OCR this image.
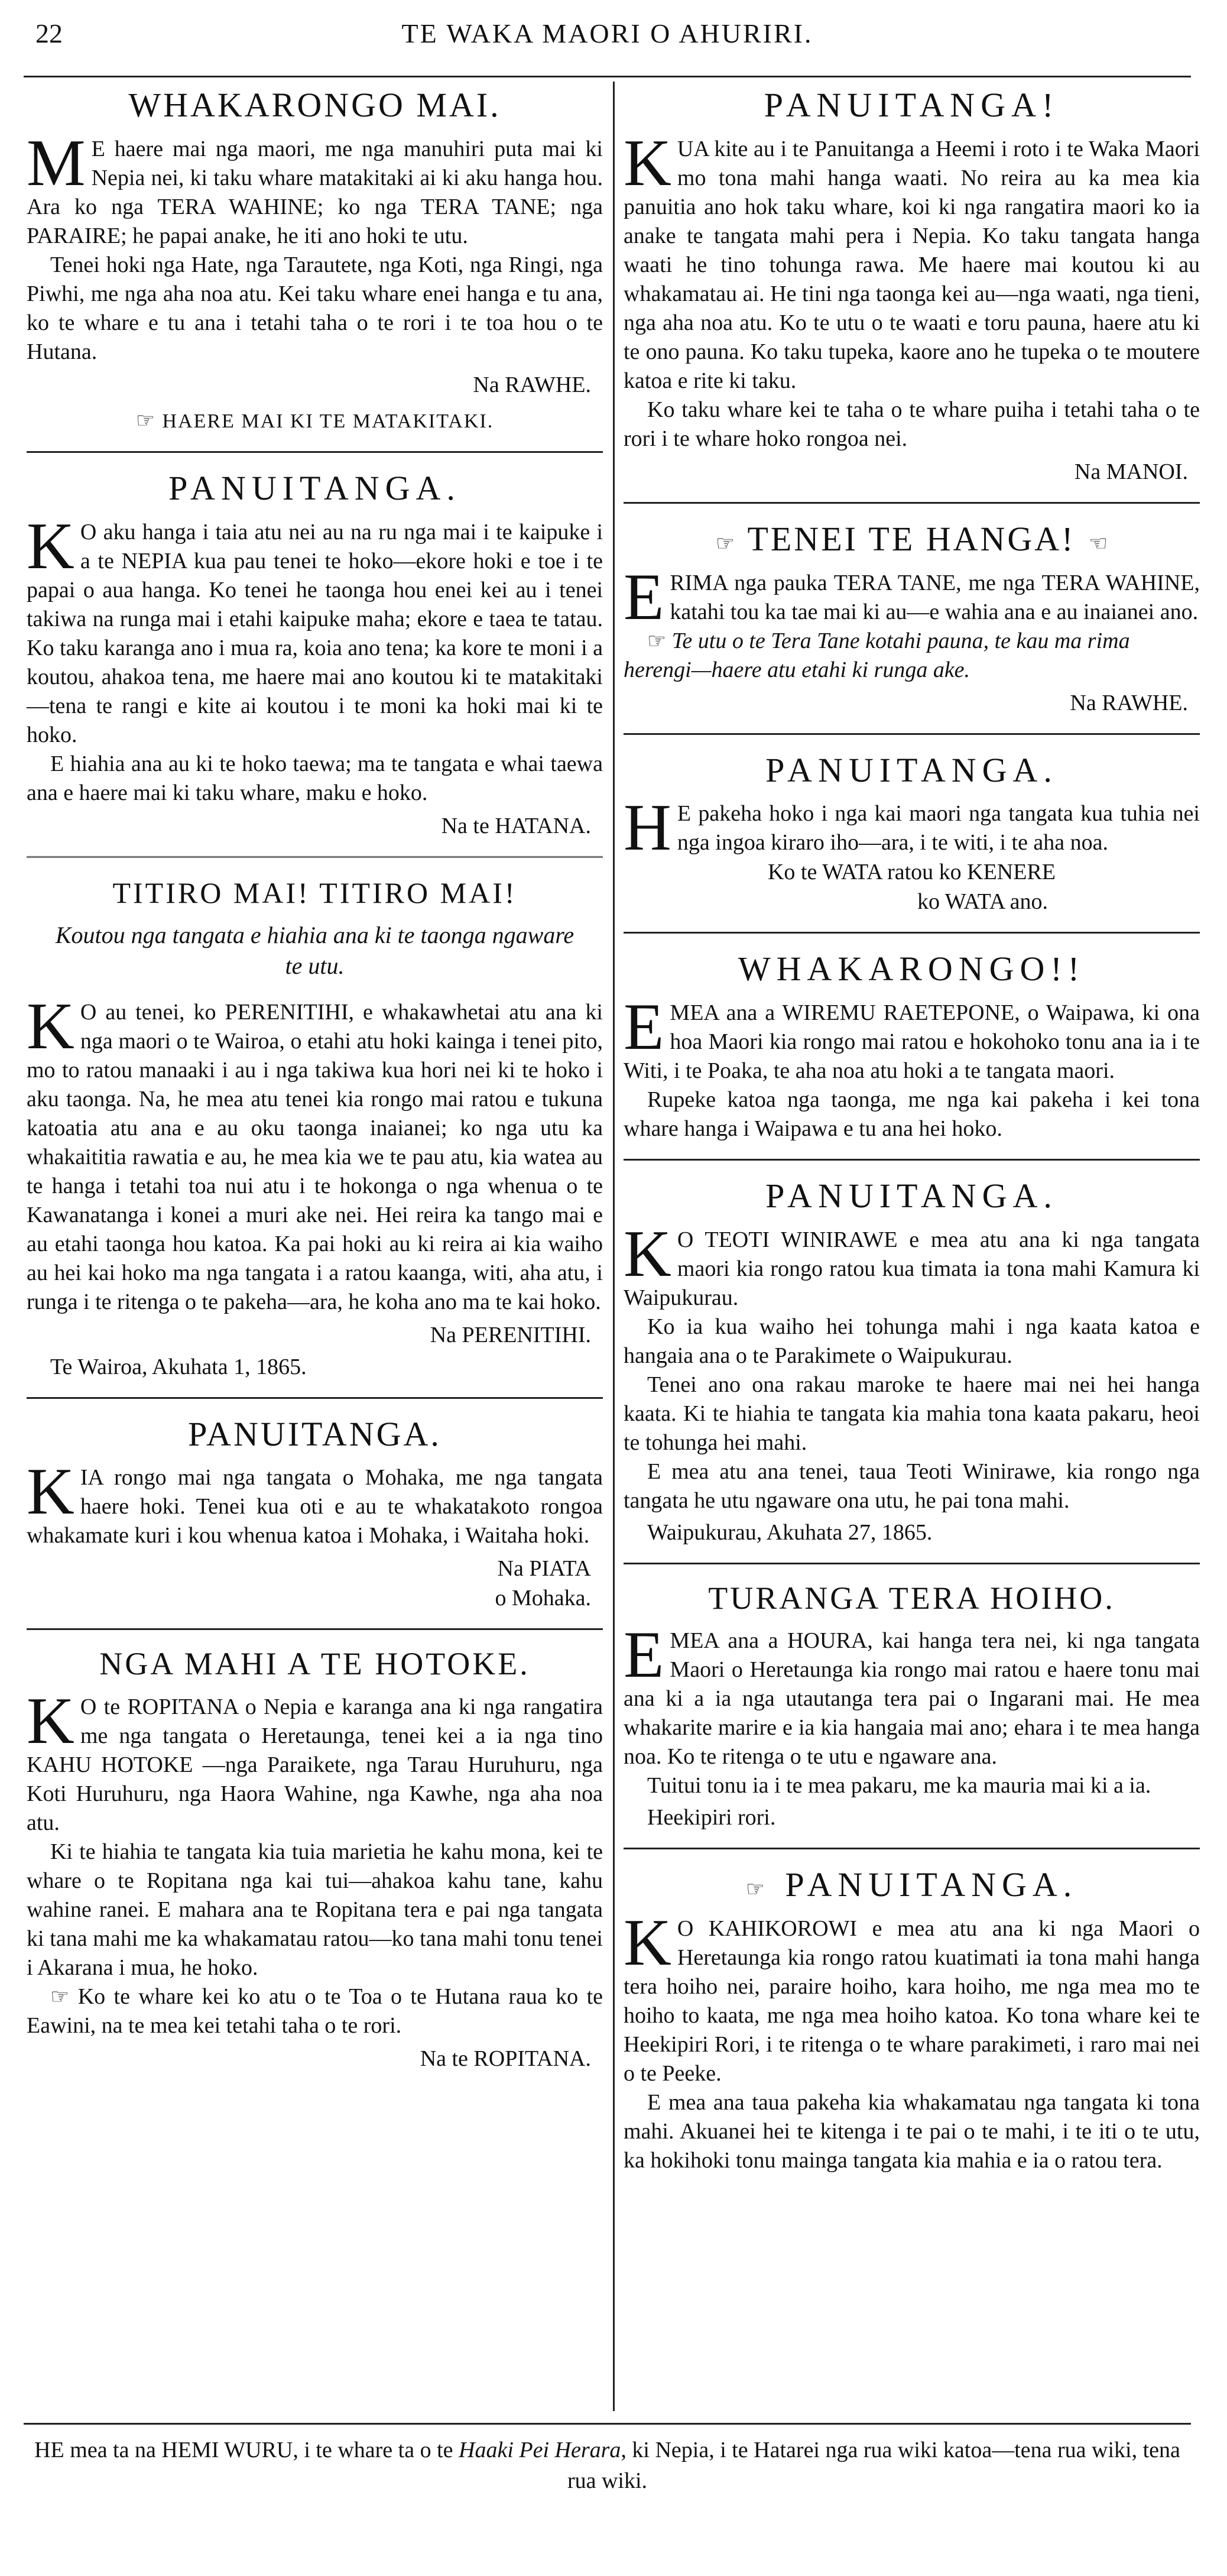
22	TE WAKA MAORI O AHURIRI.
WHAKARONGO MAI.

ME haere mai nga maori, me nga manuhiri puta mai ki Nepia nei, ki taku whare matakitaki ai ki aku hanga hou. Ara ko nga TERA WAHINE; ko nga TERA TANE; nga PARAIRE; he papai anake, he iti ano hoki te utu.

Tenei hoki nga Hate, nga Tarautete, nga Koti, nga Ringi, nga Piwhi, me nga aha noa atu. Kei taku whare enei hanga e tu ana, ko te whare e tu ana i tetahi taha o te rori i te toa hou o te Hutana.

Na RAWHE.
☞ HAERE MAI KI TE MATAKITAKI.
PANUITANGA.

KO aku hanga i taia atu nei au na ru nga mai i te kaipuke i a te NEPIA kua pau tenei te hoko—ekore hoki e toe i te papai o aua hanga. Ko tenei he taonga hou enei kei au i tenei takiwa na runga mai i etahi kaipuke maha; ekore e taea te tatau. Ko taku karanga ano i mua ra, koia ano tena; ka kore te moni i a koutou, ahakoa tena, me haere mai ano koutou ki te matakitaki—tena te rangi e kite ai koutou i te moni ka hoki mai ki te hoko.

E hiahia ana au ki te hoko taewa; ma te tangata e whai taewa ana e haere mai ki taku whare, maku e hoko.

Na te HATANA.
TITIRO MAI! TITIRO MAI!
Koutou nga tangata e hiahia ana ki te taonga ngaware te utu.

KO au tenei, ko PERENITIHI, e whakawhetai atu ana ki nga maori o te Wairoa, o etahi atu hoki kainga i tenei pito, mo to ratou manaaki i au i nga takiwa kua hori nei ki te hoko i aku taonga. Na, he mea atu tenei kia rongo mai ratou e tukuna katoatia atu ana e au oku taonga inaianei; ko nga utu ka whakaititia rawatia e au, he mea kia we te pau atu, kia watea au te hanga i tetahi toa nui atu i te hokonga o nga whenua o te Kawanatanga i konei a muri ake nei. Hei reira ka tango mai e au etahi taonga hou katoa. Ka pai hoki au ki reira ai kia waiho au hei kai hoko ma nga tangata i a ratou kaanga, witi, aha atu, i runga i te ritenga o te pakeha—ara, he koha ano ma te kai hoko.

Na PERENITIHI.

Te Wairoa, Akuhata 1, 1865.

PANUITANGA.

KIA rongo mai nga tangata o Mohaka, me nga tangata haere hoki. Tenei kua oti e au te whakatakoto rongoa whakamate kuri i kou whenua katoa i Mohaka, i Waitaha hoki.

Na PIATA
o Mohaka.
NGA MAHI A TE HOTOKE.

KO te ROPITANA o Nepia e karanga ana ki nga rangatira me nga tangata o Heretaunga, tenei kei a ia nga tino KAHU HOTOKE —nga Paraikete, nga Tarau Huruhuru, nga Koti Huruhuru, nga Haora Wahine, nga Kawhe, nga aha noa atu.

Ki te hiahia te tangata kia tuia marietia he kahu mona, kei te whare o te Ropitana nga kai tui—ahakoa kahu tane, kahu wahine ranei. E mahara ana te Ropitana tera e pai nga tangata ki tana mahi me ka whakamatau ratou—ko tana mahi tonu tenei i Akarana i mua, he hoko.

☞ Ko te whare kei ko atu o te Toa o te Hutana raua ko te Eawini, na te mea kei tetahi taha o te rori.

Na te ROPITANA.
PANUITANGA!

KUA kite au i te Panuitanga a Heemi i roto i te Waka Maori mo tona mahi hanga waati. No reira au ka mea kia panuitia ano hok taku whare, koi ki nga rangatira maori ko ia anake te tangata mahi pera i Nepia. Ko taku tangata hanga waati he tino tohunga rawa. Me haere mai koutou ki au whakamatau ai. He tini nga taonga kei au—nga waati, nga tieni, nga aha noa atu. Ko te utu o te waati e toru pauna, haere atu ki te ono pauna. Ko taku tupeka, kaore ano he tupeka o te moutere katoa e rite ki taku.

Ko taku whare kei te taha o te whare puiha i tetahi taha o te rori i te whare hoko rongoa nei.

Na MANOI.
☞ TENEI TE HANGA! ☞

ERIMA nga pauka TERA TANE, me nga TERA WAHINE, katahi tou ka tae mai ki au—e wahia ana e au inaianei ano.

☞ Te utu o te Tera Tane kotahi pauna, te kau ma rima herengi—haere atu etahi ki runga ake.

Na RAWHE.
PANUITANGA.

HE pakeha hoko i nga kai maori nga tangata kua tuhia nei nga ingoa kiraro iho—ara, i te witi, i te aha noa.

Ko te WATA ratou ko KENERE

ko WATA ano.

WHAKARONGO!!

EMEA ana a WIREMU RAETEPONE, o Waipawa, ki ona hoa Maori kia rongo mai ratou e hokohoko tonu ana ia i te Witi, i te Poaka, te aha noa atu hoki a te tangata maori.

Rupeke katoa nga taonga, me nga kai pakeha i kei tona whare hanga i Waipawa e tu ana hei hoko.

PANUITANGA.

KO TEOTI WINIRAWE e mea atu ana ki nga tangata maori kia rongo ratou kua timata ia tona mahi Kamura ki Waipukurau.

Ko ia kua waiho hei tohunga mahi i nga kaata katoa e hangaia ana o te Parakimete o Waipukurau.

Tenei ano ona rakau maroke te haere mai nei hei hanga kaata. Ki te hiahia te tangata kia mahia tona kaata pakaru, heoi te tohunga hei mahi.

E mea atu ana tenei, taua Teoti Winirawe, kia rongo nga tangata he utu ngaware ona utu, he pai tona mahi.

Waipukurau, Akuhata 27, 1865.

TURANGA TERA HOIHO.

EMEA ana a HOURA, kai hanga tera nei, ki nga tangata Maori o Heretaunga kia rongo mai ratou e haere tonu mai ana ki a ia nga utautanga tera pai o Ingarani mai. He mea whakarite marire e ia kia hangaia mai ano; ehara i te mea hanga noa. Ko te ritenga o te utu e ngaware ana.

Tuitui tonu ia i te mea pakaru, me ka mauria mai ki a ia.

Heekipiri rori.

☞ PANUITANGA.

KO KAHIKOROWI e mea atu ana ki nga Maori o Heretaunga kia rongo ratou kuatimati ia tona mahi hanga tera hoiho nei, paraire hoiho, kara hoiho, me nga mea mo te hoiho to kaata, me nga mea hoiho katoa. Ko tona whare kei te Heekipiri Rori, i te ritenga o te whare parakimeti, i raro mai nei o te Peeke.

E mea ana taua pakeha kia whakamatau nga tangata ki tona mahi. Akuanei hei te kitenga i te pai o te mahi, i te iti o te utu, ka hokihoki tonu mainga tangata kia mahia e ia o ratou tera.

HE mea ta na HEMI WURU, i te whare ta o te Haaki Pei Herara, ki Nepia, i te Hatarei nga rua wiki katoa—tena rua wiki, tena rua wiki.
